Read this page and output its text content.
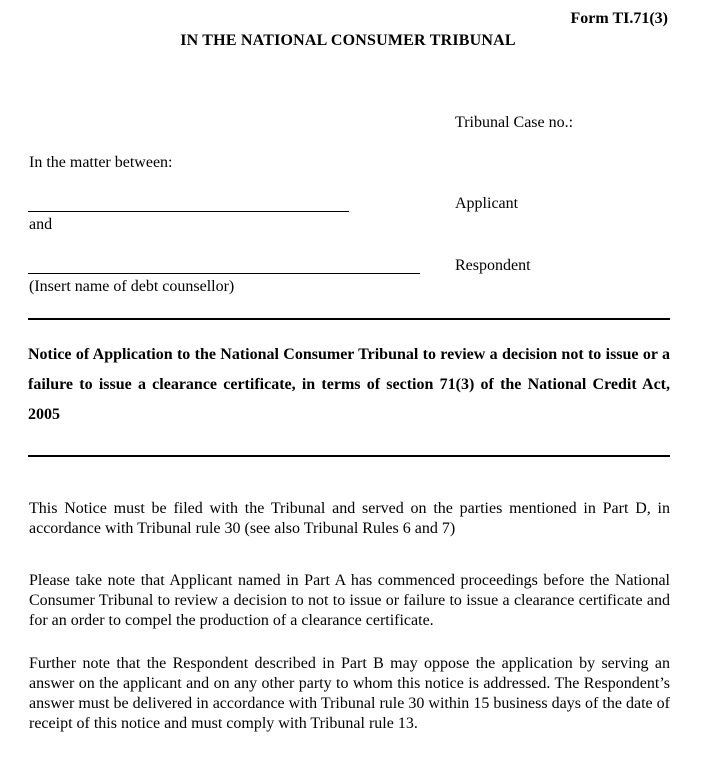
Form TI.71(3)
IN THE NATIONAL CONSUMER TRIBUNAL
Tribunal Case no.:
In the matter between:
Applicant
and
Respondent
(Insert name of debt counsellor)
Notice of Application to the National Consumer Tribunal to review a decision not to issue or a failure to issue a clearance certificate, in terms of section 71(3) of the National Credit Act, 2005
This Notice must be filed with the Tribunal and served on the parties mentioned in Part D, in accordance with Tribunal rule 30 (see also Tribunal Rules 6 and 7)
Please take note that Applicant named in Part A has commenced proceedings before the National Consumer Tribunal to review a decision to not to issue or failure to issue a clearance certificate and for an order to compel the production of a clearance certificate.
Further note that the Respondent described in Part B may oppose the application by serving an answer on the applicant and on any other party to whom this notice is addressed. The Respondent’s answer must be delivered in accordance with Tribunal rule 30 within 15 business days of the date of receipt of this notice and must comply with Tribunal rule 13.
